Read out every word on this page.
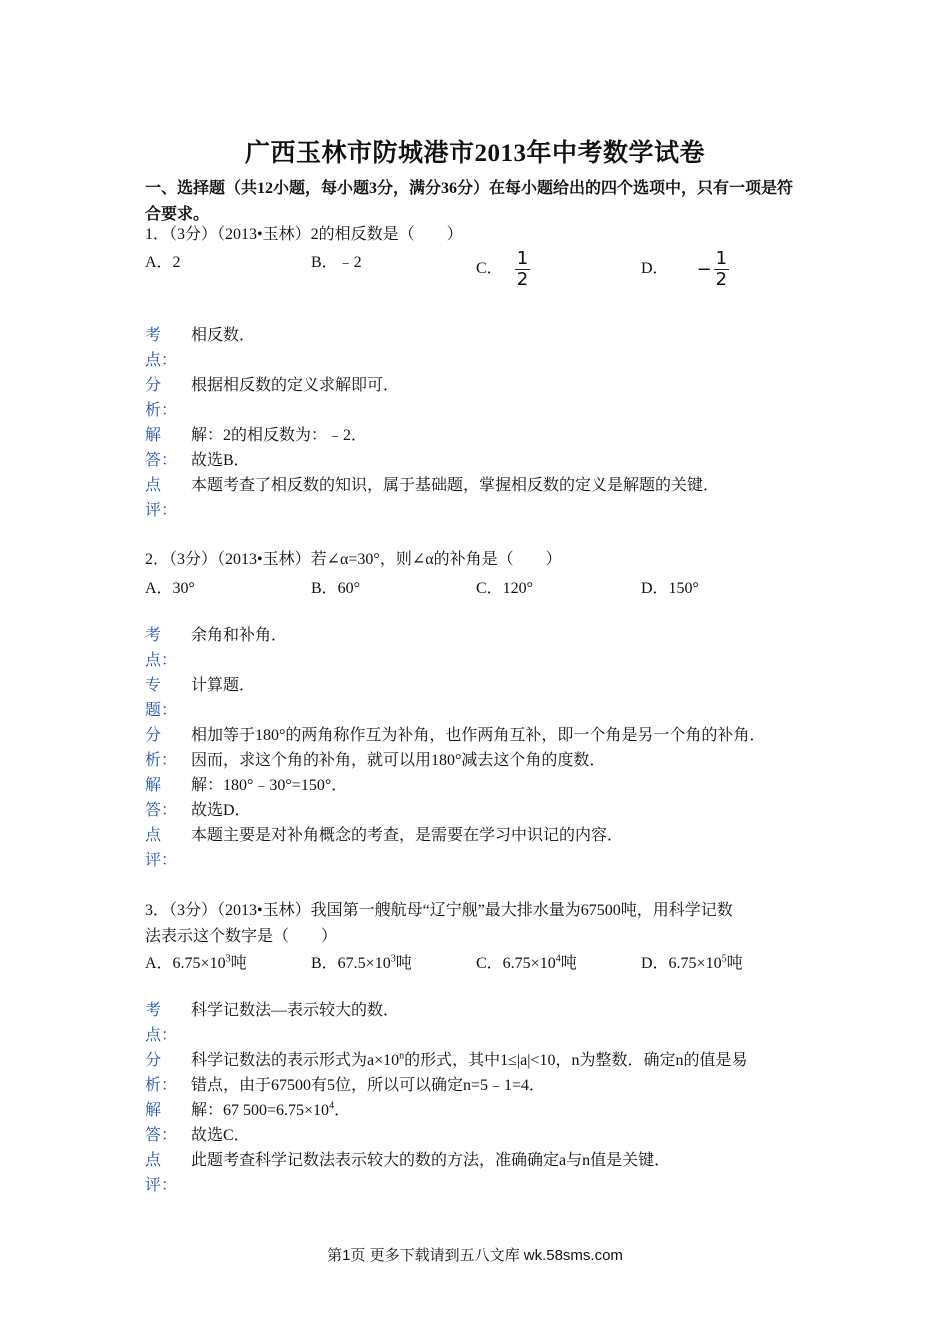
广西玉林市防城港市2013年中考数学试卷
一、选择题（共12小题，每小题3分，满分36分）在每小题给出的四个选项中，只有一项是符合要求。
1．（3分）（2013•玉林）2的相反数是（　　）
A．2	B．﹣2	C． $\frac{1}{2}$	D． − $\frac{1}{2}$
考
点：
相反数．
分
析：
根据相反数的定义求解即可．
解
答：
解：2的相反数为：﹣2．
故选B．
点
评：
本题考查了相反数的知识，属于基础题，掌握相反数的定义是解题的关键．
2．（3分）（2013•玉林）若∠α=30°，则∠α的补角是（　　）
A．30°	B．60°	C．120°	D．150°
考
点：
余角和补角．
专
题：
计算题．
分
析：
相加等于180°的两角称作互为补角，也作两角互补，即一个角是另一个角的补角．
因而，求这个角的补角，就可以用180°减去这个角的度数．
解
答：
解：180°﹣30°=150°．
故选D．
点
评：
本题主要是对补角概念的考查，是需要在学习中识记的内容．
3．（3分）（2013•玉林）我国第一艘航母“辽宁舰”最大排水量为67500吨，用科学记数
法表示这个数字是（　　）
A．$6.75\times 10^3$吨	B．$67.5\times 10^3$吨	C．$6.75\times 10^4$吨	D．$6.75\times 10^5$吨
考
点：
科学记数法—表示较大的数．
分
析：
科学记数法的表示形式为$a\times 10^n$的形式，其中1≤|a|<10，n为整数．确定n的值是易
错点，由于67500有5位，所以可以确定n=5﹣1=4．
解
答：
解：67 $500=6.75\times 10^4$．
故选C．
点
评：
此题考查科学记数法表示较大的数的方法，准确确定a与n值是关键．
第1页 更多下载请到五八文库 wk.58sms.com
